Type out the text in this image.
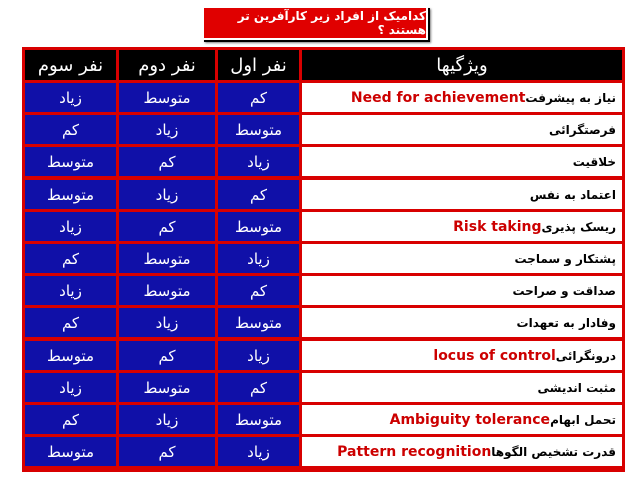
کدامیک از افراد زیر کارآفرین تر هستند ؟
ویژگیها
نفر اول
نفر دوم
نفر سوم
نیاز به پیشرفت
Need for achievement
کم
متوسط
زیاد
فرصتگرائی
متوسط
زیاد
کم
خلاقیت
زیاد
کم
متوسط
اعتماد به نفس
کم
زیاد
متوسط
ریسک پذیری
Risk taking
متوسط
کم
زیاد
پشتکار و سماجت
زیاد
متوسط
کم
صداقت و صراحت
کم
متوسط
زیاد
وفادار به تعهدات
متوسط
زیاد
کم
درونگرائی
locus of control
زیاد
کم
متوسط
مثبت اندیشی
کم
متوسط
زیاد
تحمل ابهام
Ambiguity tolerance
متوسط
زیاد
کم
قدرت تشخیص الگوها
Pattern recognition
زیاد
کم
متوسط
